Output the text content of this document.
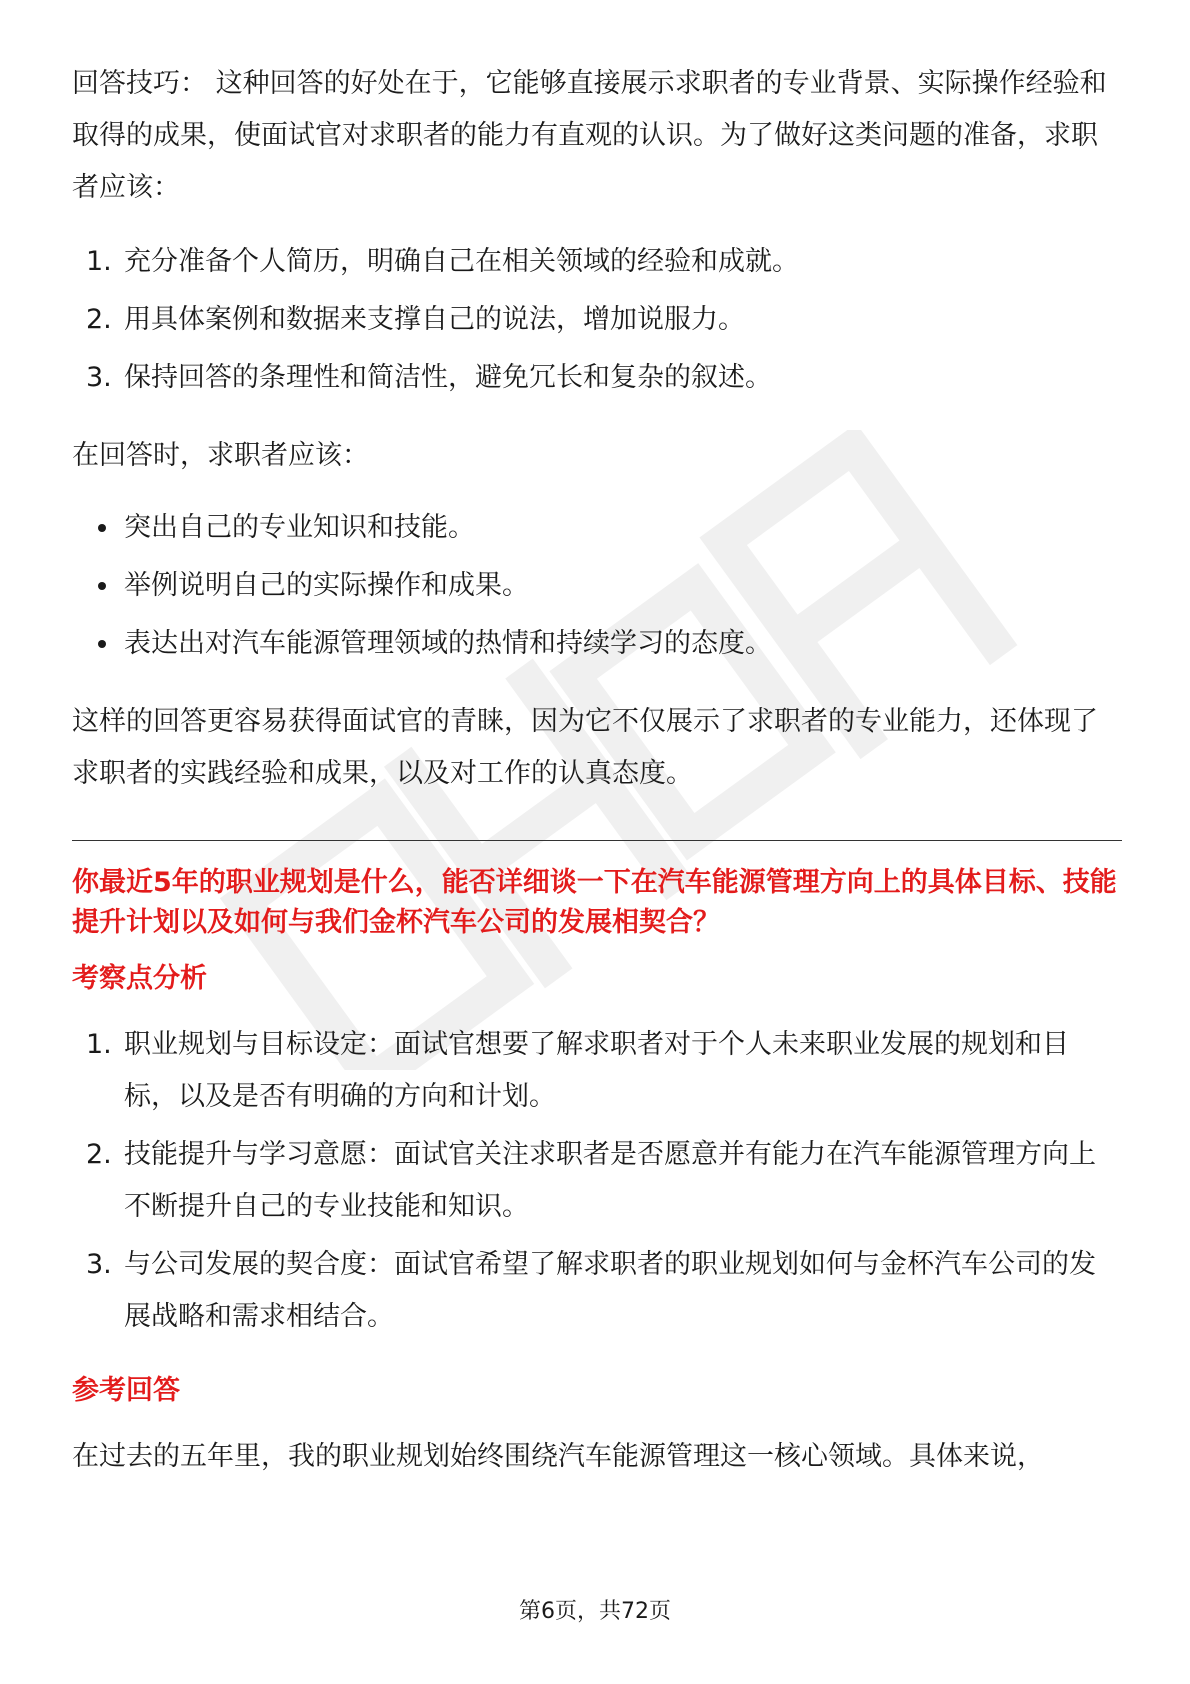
回答技巧： 这种回答的好处在于，它能够直接展示求职者的专业背景、实际操作经验和取得的成果，使面试官对求职者的能力有直观的认识。为了做好这类问题的准备，求职者应该：

1. 充分准备个人简历，明确自己在相关领域的经验和成就。
2. 用具体案例和数据来支撑自己的说法，增加说服力。
3. 保持回答的条理性和简洁性，避免冗长和复杂的叙述。

在回答时，求职者应该：

突出自己的专业知识和技能。
举例说明自己的实际操作和成果。
表达出对汽车能源管理领域的热情和持续学习的态度。

这样的回答更容易获得面试官的青睐，因为它不仅展示了求职者的专业能力，还体现了求职者的实践经验和成果，以及对工作的认真态度。

你最近5年的职业规划是什么，能否详细谈一下在汽车能源管理方向上的具体目标、技能提升计划以及如何与我们金杯汽车公司的发展相契合？
考察点分析
1. 职业规划与目标设定：面试官想要了解求职者对于个人未来职业发展的规划和目标，以及是否有明确的方向和计划。
2. 技能提升与学习意愿：面试官关注求职者是否愿意并有能力在汽车能源管理方向上不断提升自己的专业技能和知识。
3. 与公司发展的契合度：面试官希望了解求职者的职业规划如何与金杯汽车公司的发展战略和需求相结合。
参考回答

在过去的五年里，我的职业规划始终围绕汽车能源管理这一核心领域。具体来说，

第6页，共72页
